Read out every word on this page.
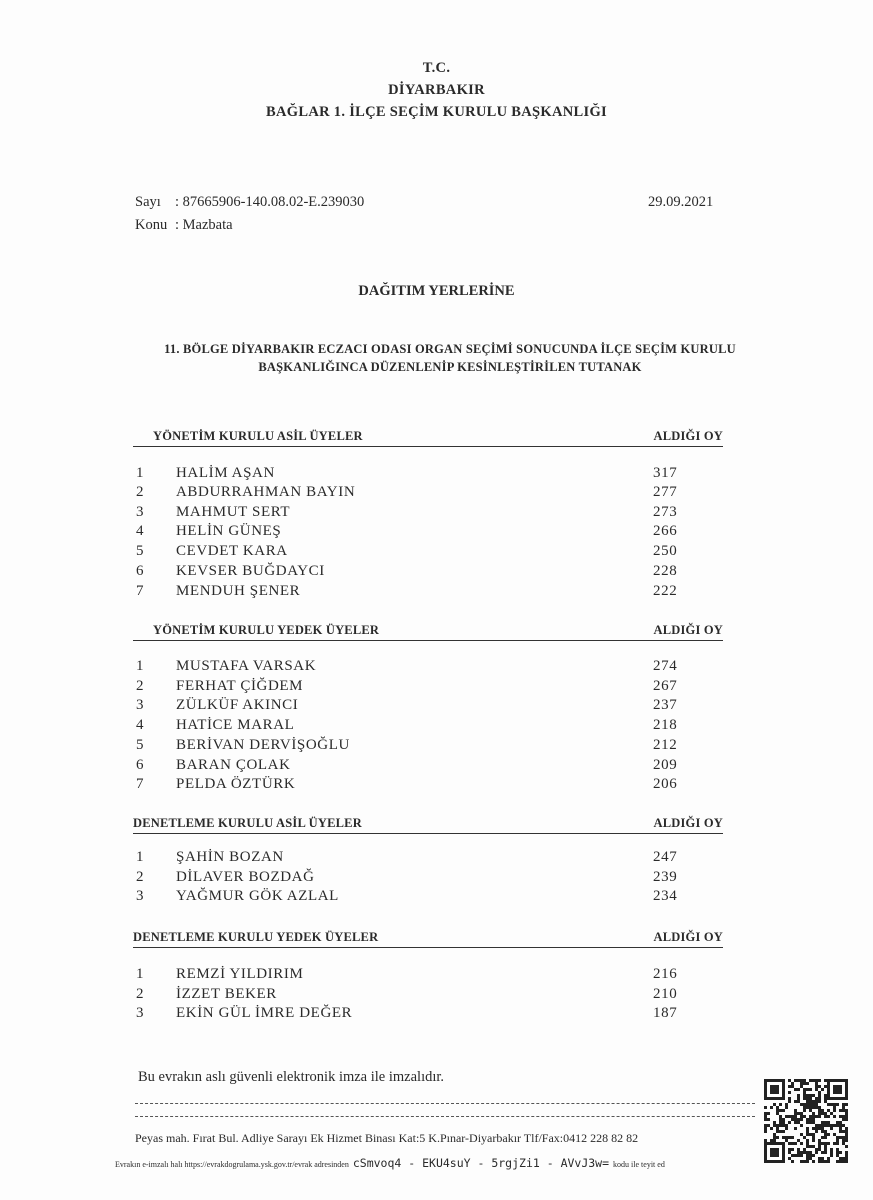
T.C.
DİYARBAKIR
BAĞLAR 1. İLÇE SEÇİM KURULU BAŞKANLIĞI
Sayı : 87665906-140.08.02-E.239030	29.09.2021
Konu : Mazbata
DAĞITIM YERLERİNE
11. BÖLGE DİYARBAKIR ECZACI ODASI ORGAN SEÇİMİ SONUCUNDA İLÇE SEÇİM KURULU
BAŞKANLIĞINCA DÜZENLENİP KESİNLEŞTİRİLEN TUTANAK
YÖNETİM KURULU ASİL ÜYELER	ALDIĞI OY
1 HALİM AŞAN	317
2 ABDURRAHMAN BAYIN	277
3 MAHMUT SERT	273
4 HELİN GÜNEŞ	266
5 CEVDET KARA	250
6 KEVSER BUĞDAYCI	228
7 MENDUH ŞENER	222
YÖNETİM KURULU YEDEK ÜYELER	ALDIĞI OY
1 MUSTAFA VARSAK	274
2 FERHAT ÇİĞDEM	267
3 ZÜLKÜF AKINCI	237
4 HATİCE MARAL	218
5 BERİVAN DERVİŞOĞLU	212
6 BARAN ÇOLAK	209
7 PELDA ÖZTÜRK	206
DENETLEME KURULU ASİL ÜYELER	ALDIĞI OY
1 ŞAHİN BOZAN	247
2 DİLAVER BOZDAĞ	239
3 YAĞMUR GÖK AZLAL	234
DENETLEME KURULU YEDEK ÜYELER	ALDIĞI OY
1 REMZİ YILDIRIM	216
2 İZZET BEKER	210
3 EKİN GÜL İMRE DEĞER	187
Bu evrakın aslı güvenli elektronik imza ile imzalıdır.
Peyas mah. Fırat Bul. Adliye Sarayı Ek Hizmet Binası Kat:5 K.Pınar-Diyarbakır Tlf/Fax:0412 228 82 82
Evrakın e-imzalı halı https://evrakdogrulama.ysk.gov.tr/evrak adresinden cSmvoq4 - EKU4suY - 5rgjZi1 - AVvJ3w= kodu ile teyit ed
